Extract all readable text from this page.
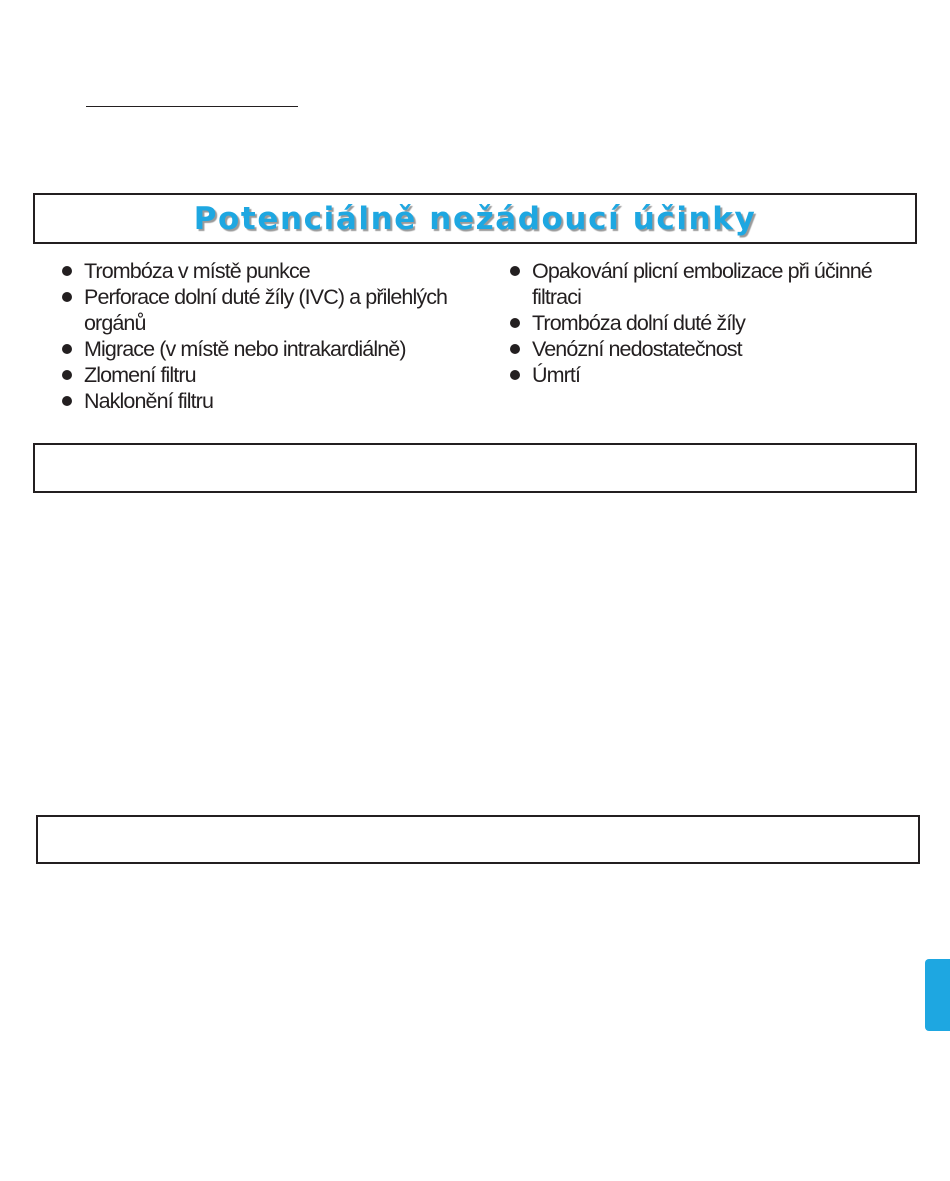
Potenciálně nežádoucí účinky
Trombóza v místě punkce
Perforace dolní duté žíly (IVC) a přilehlých orgánů
Migrace (v místě nebo intrakardiálně)
Zlomení filtru
Naklonění filtru
Opakování plicní embolizace při účinné filtraci
Trombóza dolní duté žíly
Venózní nedostatečnost
Úmrtí
